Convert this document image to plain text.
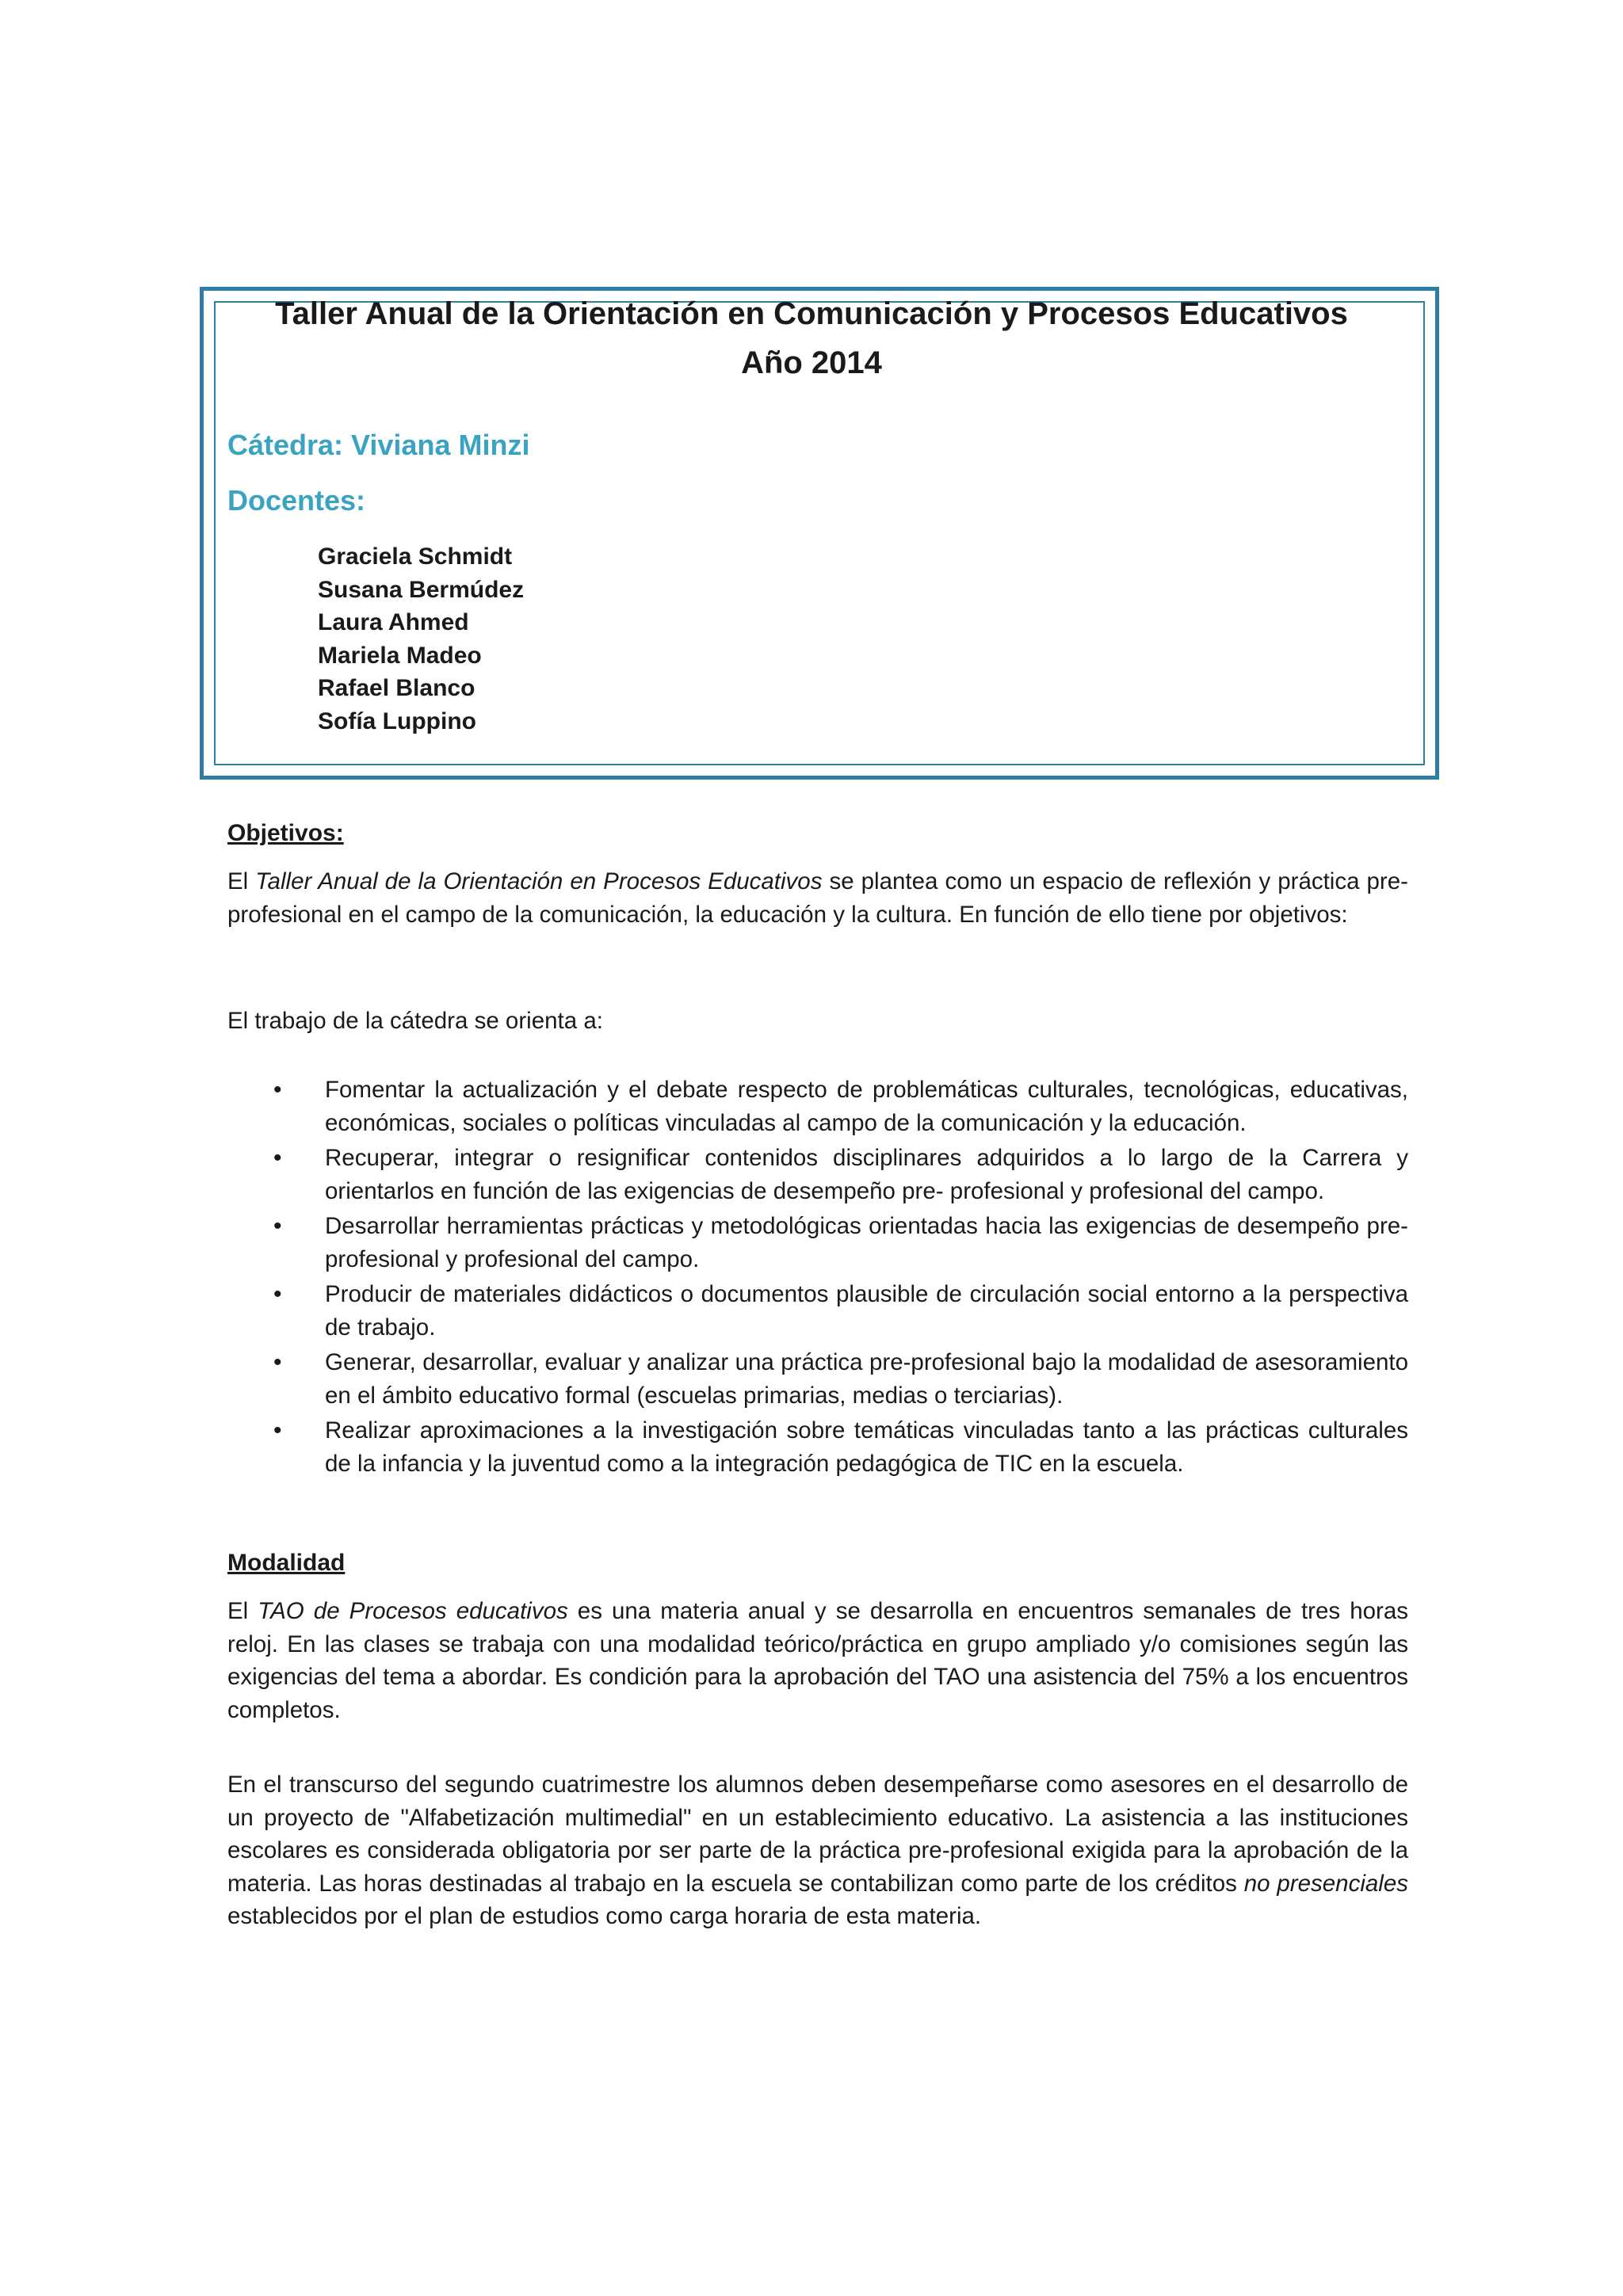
Taller Anual de la Orientación en Comunicación y Procesos Educativos
Año 2014
Cátedra: Viviana Minzi
Docentes:
Graciela Schmidt
Susana Bermúdez
Laura Ahmed
Mariela Madeo
Rafael Blanco
Sofía Luppino
Objetivos:

El Taller Anual de la Orientación en Procesos Educativos se plantea como un espacio de reflexión y práctica pre-profesional en el campo de la comunicación, la educación y la cultura. En función de ello tiene por objetivos:

El trabajo de la cátedra se orienta a:

• Fomentar la actualización y el debate respecto de problemáticas culturales, tecnológicas, educativas, económicas, sociales o políticas vinculadas al campo de la comunicación y la educación.
• Recuperar, integrar o resignificar contenidos disciplinares adquiridos a lo largo de la Carrera y orientarlos en función de las exigencias de desempeño pre- profesional y profesional del campo.
• Desarrollar herramientas prácticas y metodológicas orientadas hacia las exigencias de desempeño pre-profesional y profesional del campo.
• Producir de materiales didácticos o documentos plausible de circulación social entorno a la perspectiva de trabajo.
• Generar, desarrollar, evaluar y analizar una práctica pre-profesional bajo la modalidad de asesoramiento en el ámbito educativo formal (escuelas primarias, medias o terciarias).
• Realizar aproximaciones a la investigación sobre temáticas vinculadas tanto a las prácticas culturales de la infancia y la juventud como a la integración pedagógica de TIC en la escuela.
Modalidad

El TAO de Procesos educativos es una materia anual y se desarrolla en encuentros semanales de tres horas reloj. En las clases se trabaja con una modalidad teórico/práctica en grupo ampliado y/o comisiones según las exigencias del tema a abordar. Es condición para la aprobación del TAO una asistencia del 75% a los encuentros completos.

En el transcurso del segundo cuatrimestre los alumnos deben desempeñarse como asesores en el desarrollo de un proyecto de "Alfabetización multimedial" en un establecimiento educativo. La asistencia a las instituciones escolares es considerada obligatoria por ser parte de la práctica pre-profesional exigida para la aprobación de la materia. Las horas destinadas al trabajo en la escuela se contabilizan como parte de los créditos no presenciales establecidos por el plan de estudios como carga horaria de esta materia.
